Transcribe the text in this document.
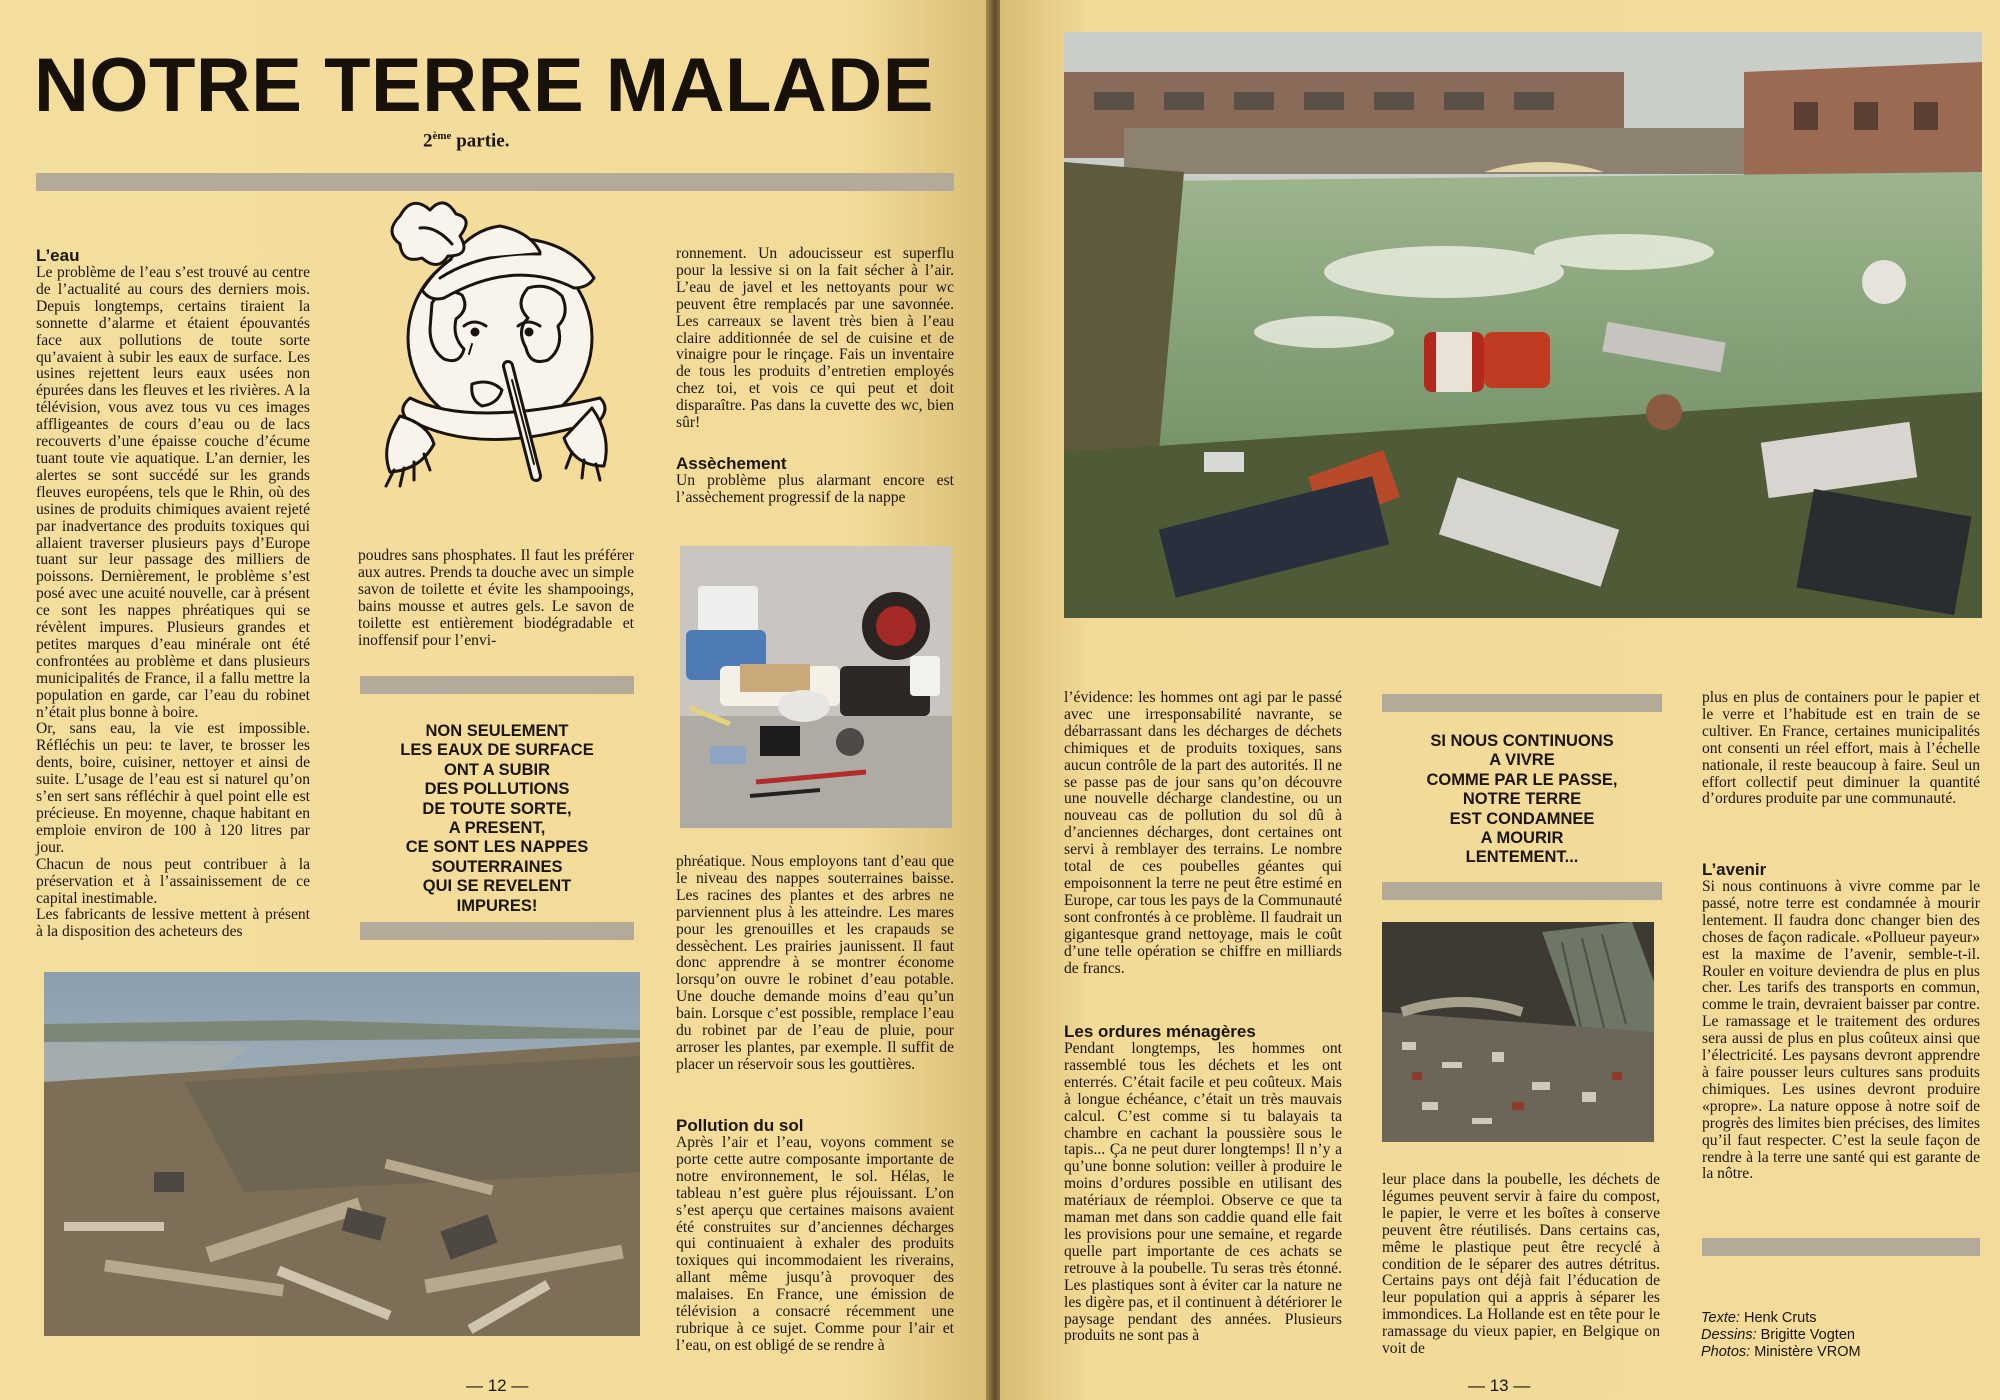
NOTRE TERRE MALADE
2ème partie.
L’eau

Le problème de l’eau s’est trouvé au centre de l’actualité au cours des derniers mois. Depuis longtemps, certains tiraient la sonnette d’alarme et étaient épouvantés face aux pollutions de toute sorte qu’avaient à subir les eaux de surface. Les usines rejettent leurs eaux usées non épurées dans les fleuves et les rivières. A la télévision, vous avez tous vu ces images affligeantes de cours d’eau ou de lacs recouverts d’une épaisse couche d’écume tuant toute vie aquatique. L’an dernier, les alertes se sont succédé sur les grands fleuves européens, tels que le Rhin, où des usines de produits chimiques avaient rejeté par inadvertance des produits toxiques qui allaient traverser plusieurs pays d’Europe tuant sur leur passage des milliers de poissons. Dernièrement, le problème s’est posé avec une acuité nouvelle, car à présent ce sont les nappes phréatiques qui se révèlent impures. Plusieurs grandes et petites marques d’eau minérale ont été confrontées au problème et dans plusieurs municipalités de France, il a fallu mettre la population en garde, car l’eau du robinet n’était plus bonne à boire.

Or, sans eau, la vie est impossible. Réfléchis un peu: te laver, te brosser les dents, boire, cuisiner, nettoyer et ainsi de suite. L’usage de l’eau est si naturel qu’on s’en sert sans réfléchir à quel point elle est précieuse. En moyenne, chaque habitant en emploie environ de 100 à 120 litres par jour.

Chacun de nous peut contribuer à la préservation et à l’assainissement de ce capital inestimable.

Les fabricants de lessive mettent à présent à la disposition des acheteurs des

poudres sans phosphates. Il faut les préférer aux autres. Prends ta douche avec un simple savon de toilette et évite les shampooings, bains mousse et autres gels. Le savon de toilette est entièrement biodégradable et inoffensif pour l’envi-

NON SEULEMENT
LES EAUX DE SURFACE
ONT A SUBIR
DES POLLUTIONS
DE TOUTE SORTE,
A PRESENT,
CE SONT LES NAPPES
SOUTERRAINES
QUI SE REVELENT
IMPURES!

ronnement. Un adoucisseur est superflu pour la lessive si on la fait sécher à l’air. L’eau de javel et les nettoyants pour wc peuvent être remplacés par une savonnée. Les carreaux se lavent très bien à l’eau claire additionnée de sel de cuisine et de vinaigre pour le rinçage. Fais un inventaire de tous les produits d’entretien employés chez toi, et vois ce qui peut et doit disparaître. Pas dans la cuvette des wc, bien sûr!

Assèchement

Un problème plus alarmant encore est l’assèchement progressif de la nappe

phréatique. Nous employons tant d’eau que le niveau des nappes souterraines baisse. Les racines des plantes et des arbres ne parviennent plus à les atteindre. Les mares pour les grenouilles et les crapauds se dessèchent. Les prairies jaunissent. Il faut donc apprendre à se montrer économe lorsqu’on ouvre le robinet d’eau potable. Une douche demande moins d’eau qu’un bain. Lorsque c’est possible, remplace l’eau du robinet par de l’eau de pluie, pour arroser les plantes, par exemple. Il suffit de placer un réservoir sous les gouttières.

Pollution du sol

Après l’air et l’eau, voyons comment se porte cette autre composante importante de notre environnement, le sol. Hélas, le tableau n’est guère plus réjouissant. L’on s’est aperçu que certaines maisons avaient été construites sur d’anciennes décharges qui continuaient à exhaler des produits toxiques qui incommodaient les riverains, allant même jusqu’à provoquer des malaises. En France, une émission de télévision a consacré récemment une rubrique à ce sujet. Comme pour l’air et l’eau, on est obligé de se rendre à

— 12 —

l’évidence: les hommes ont agi par le passé avec une irresponsabilité navrante, se débarrassant dans les décharges de déchets chimiques et de produits toxiques, sans aucun contrôle de la part des autorités. Il ne se passe pas de jour sans qu’on découvre une nouvelle décharge clandestine, ou un nouveau cas de pollution du sol dû à d’anciennes décharges, dont certaines ont servi à remblayer des terrains. Le nombre total de ces poubelles géantes qui empoisonnent la terre ne peut être estimé en Europe, car tous les pays de la Communauté sont confrontés à ce problème. Il faudrait un gigantesque grand nettoyage, mais le coût d’une telle opération se chiffre en milliards de francs.

Les ordures ménagères

Pendant longtemps, les hommes ont rassemblé tous les déchets et les ont enterrés. C’était facile et peu coûteux. Mais à longue échéance, c’était un très mauvais calcul. C’est comme si tu balayais ta chambre en cachant la poussière sous le tapis... Ça ne peut durer longtemps! Il n’y a qu’une bonne solution: veiller à produire le moins d’ordures possible en utilisant des matériaux de réemploi. Observe ce que ta maman met dans son caddie quand elle fait les provisions pour une semaine, et regarde quelle part importante de ces achats se retrouve à la poubelle. Tu seras très étonné. Les plastiques sont à éviter car la nature ne les digère pas, et il continuent à détériorer le paysage pendant des années. Plusieurs produits ne sont pas à

SI NOUS CONTINUONS
A VIVRE
COMME PAR LE PASSE,
NOTRE TERRE
EST CONDAMNEE
A MOURIR
LENTEMENT...

leur place dans la poubelle, les déchets de légumes peuvent servir à faire du compost, le papier, le verre et les boîtes à conserve peuvent être réutilisés. Dans certains cas, même le plastique peut être recyclé à condition de le séparer des autres détritus. Certains pays ont déjà fait l’éducation de leur population qui a appris à séparer les immondices. La Hollande est en tête pour le ramassage du vieux papier, en Belgique on voit de

plus en plus de containers pour le papier et le verre et l’habitude est en train de se cultiver. En France, certaines municipalités ont consenti un réel effort, mais à l’échelle nationale, il reste beaucoup à faire. Seul un effort collectif peut diminuer la quantité d’ordures produite par une communauté.

L’avenir

Si nous continuons à vivre comme par le passé, notre terre est condamnée à mourir lentement. Il faudra donc changer bien des choses de façon radicale. «Pollueur payeur» est la maxime de l’avenir, semble-t-il. Rouler en voiture deviendra de plus en plus cher. Les tarifs des transports en commun, comme le train, devraient baisser par contre. Le ramassage et le traitement des ordures sera aussi de plus en plus coûteux ainsi que l’électricité. Les paysans devront apprendre à faire pousser leurs cultures sans produits chimiques. Les usines devront produire «propre». La nature oppose à notre soif de progrès des limites bien précises, des limites qu’il faut respecter. C’est la seule façon de rendre à la terre une santé qui est garante de la nôtre.

Texte: Henk Cruts
Dessins: Brigitte Vogten
Photos: Ministère VROM
— 13 —
